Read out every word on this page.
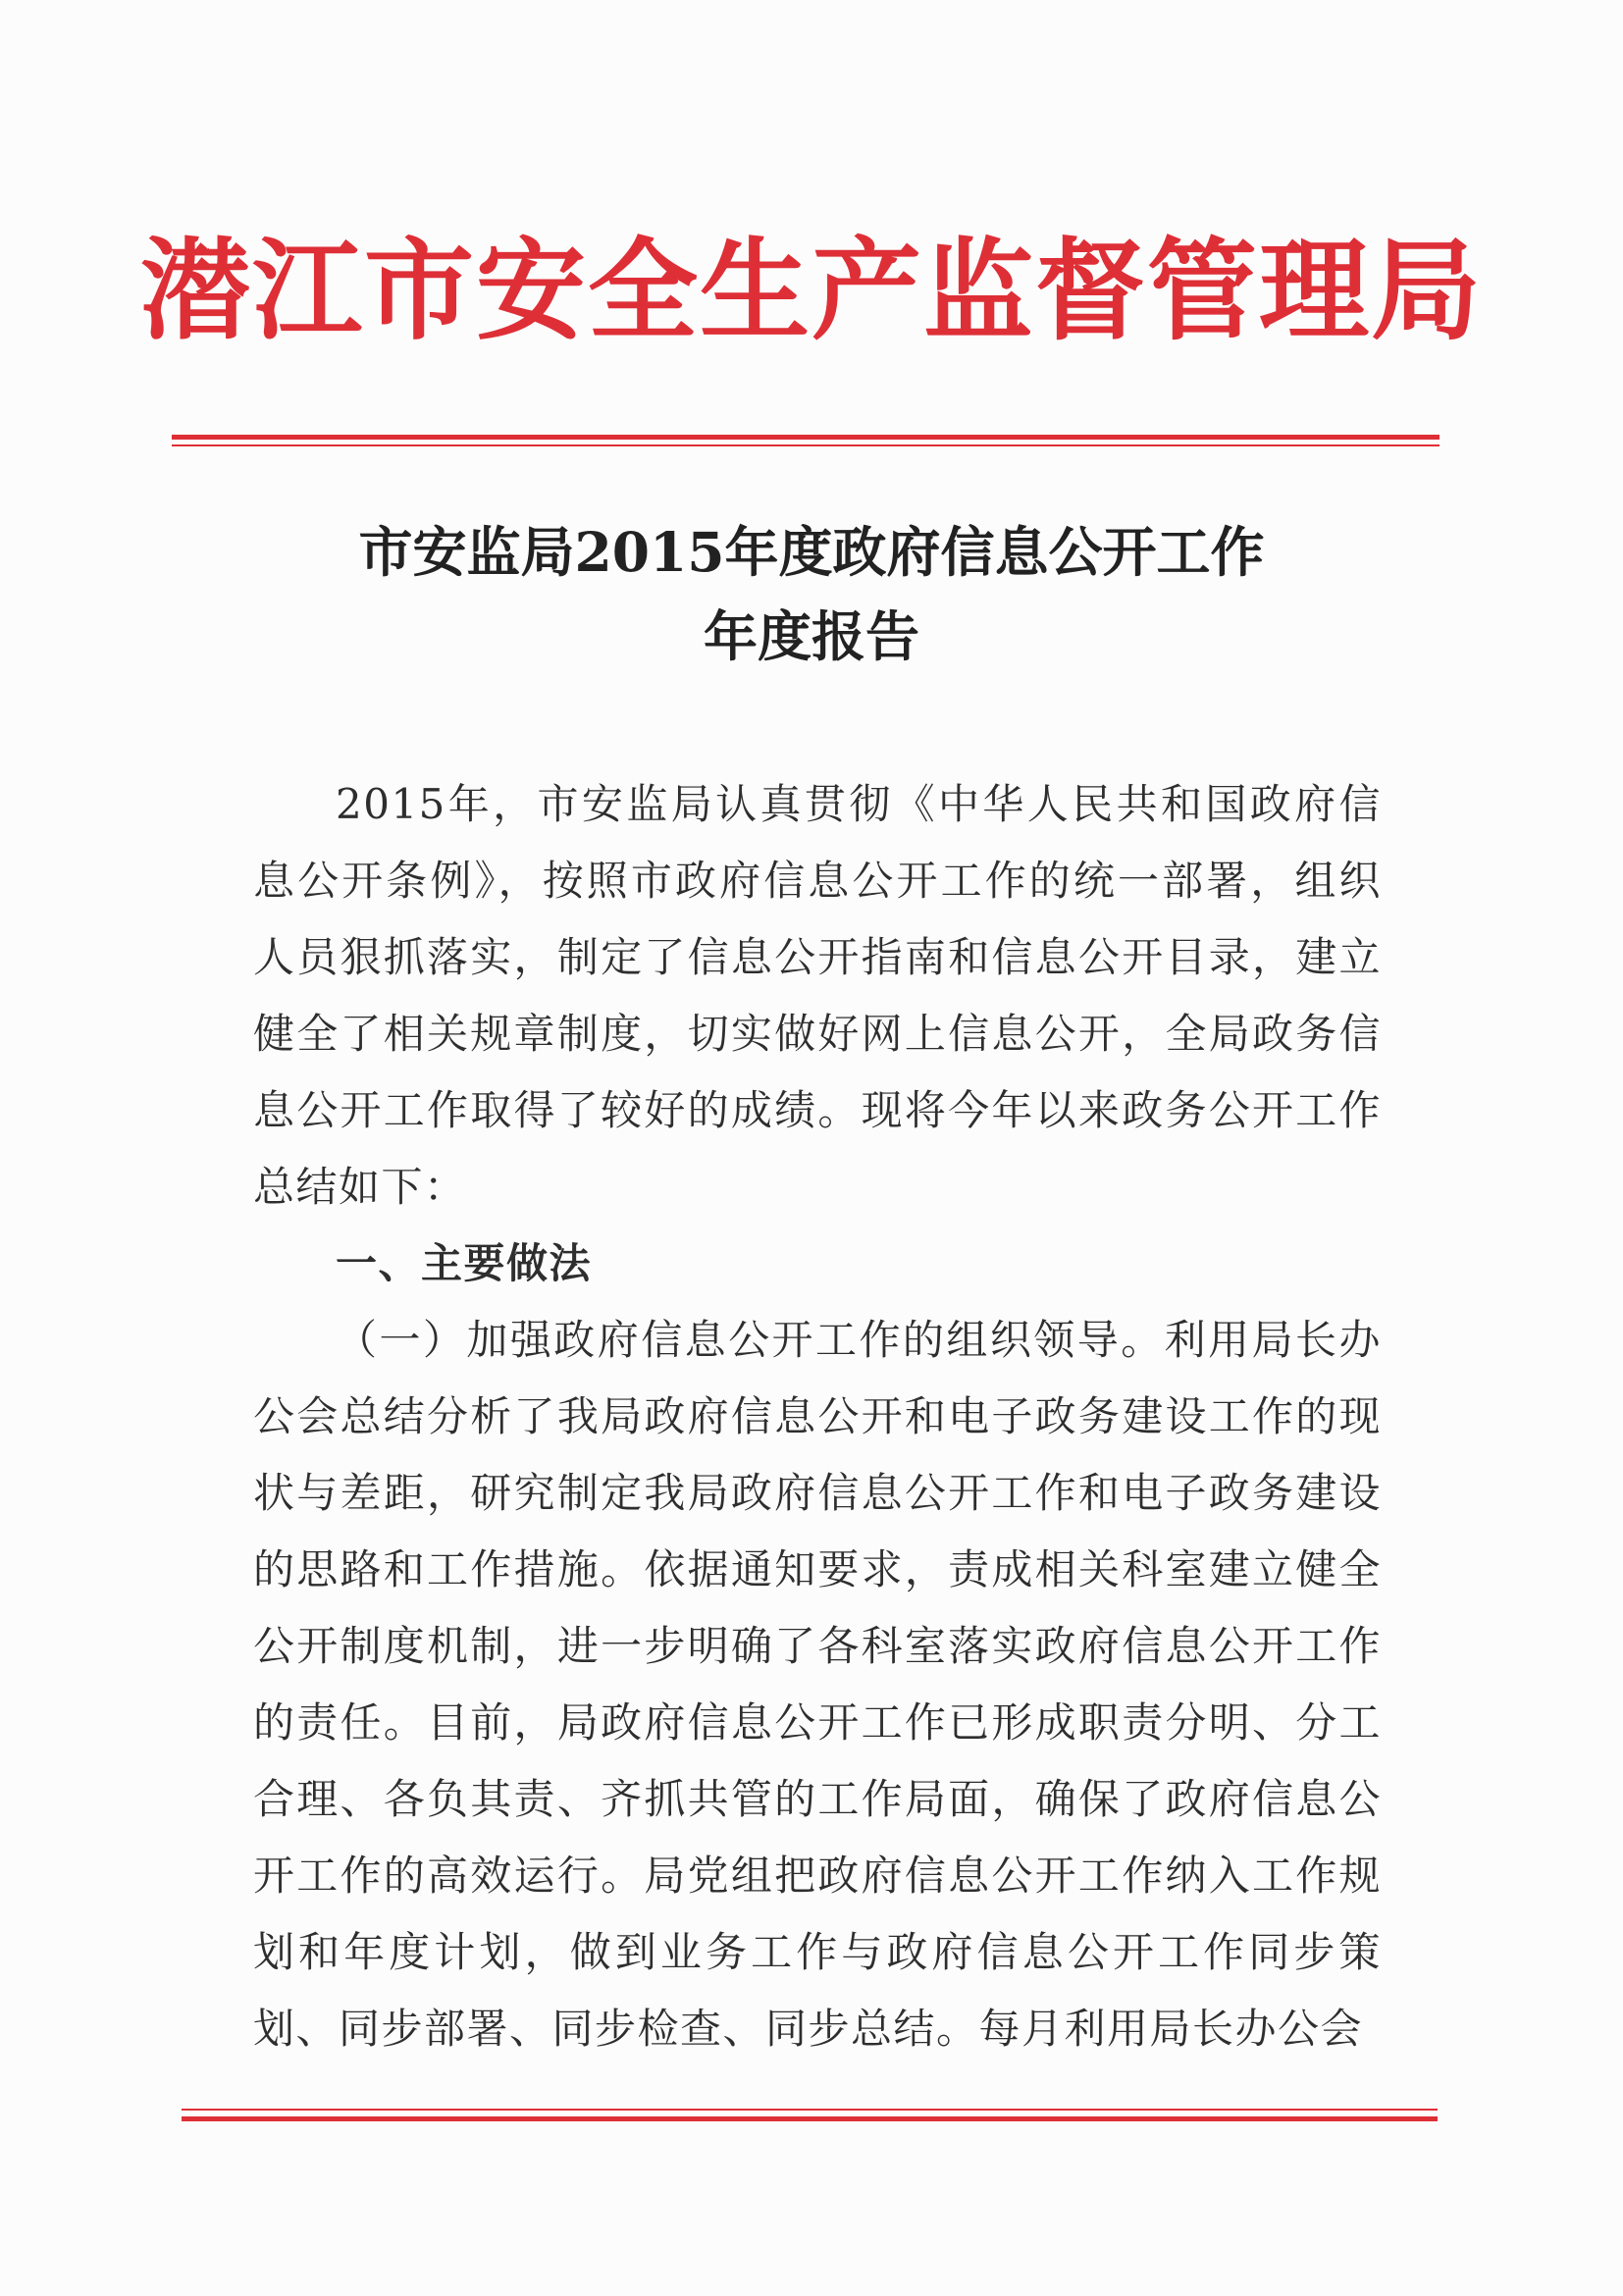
潜江市安全生产监督管理局
市安监局2015年度政府信息公开工作
年度报告

2015年，市安监局认真贯彻《中华人民共和国政府信息公开条例》，按照市政府信息公开工作的统一部署，组织人员狠抓落实，制定了信息公开指南和信息公开目录，建立健全了相关规章制度，切实做好网上信息公开，全局政务信息公开工作取得了较好的成绩。现将今年以来政务公开工作总结如下：

一、主要做法

（一）加强政府信息公开工作的组织领导。利用局长办公会总结分析了我局政府信息公开和电子政务建设工作的现状与差距，研究制定我局政府信息公开工作和电子政务建设的思路和工作措施。依据通知要求，责成相关科室建立健全公开制度机制，进一步明确了各科室落实政府信息公开工作的责任。目前，局政府信息公开工作已形成职责分明、分工合理、各负其责、齐抓共管的工作局面，确保了政府信息公开工作的高效运行。局党组把政府信息公开工作纳入工作规划和年度计划，做到业务工作与政府信息公开工作同步策划、同步部署、同步检查、同步总结。每月利用局长办公会
